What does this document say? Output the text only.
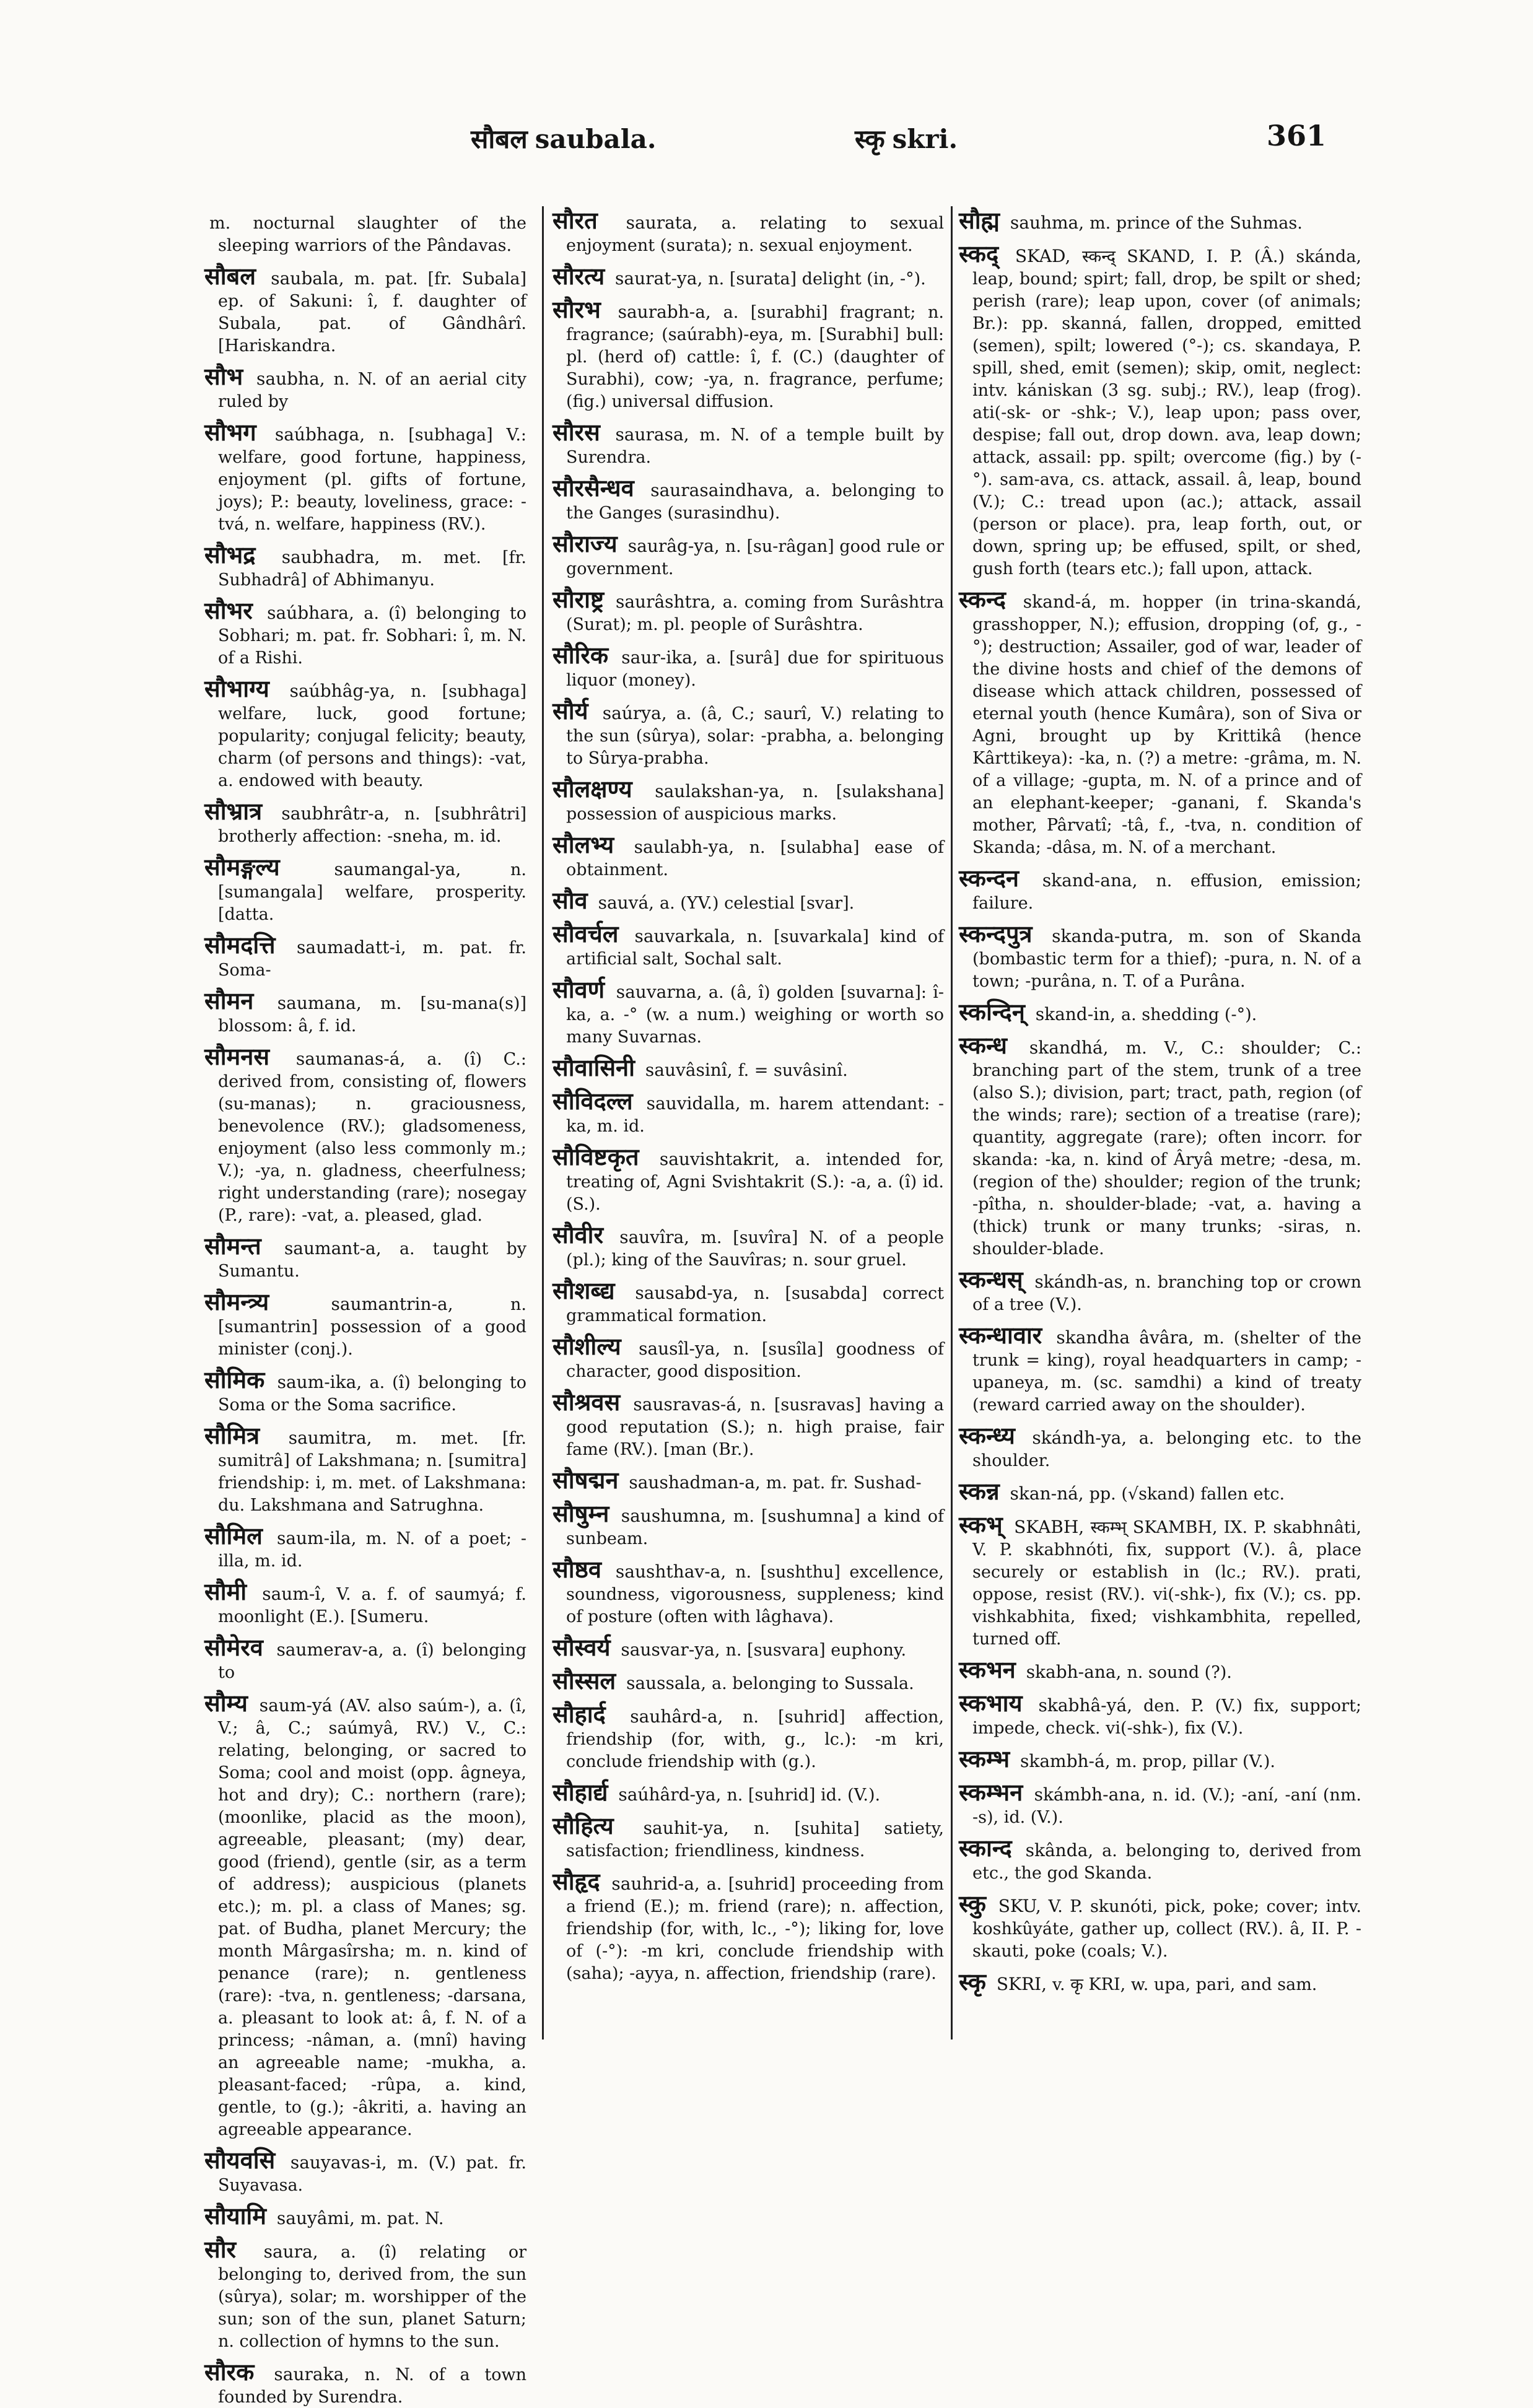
सौबल saubala.	स्कृ skri.	361

m. nocturnal slaughter of the sleeping warriors of the Pândavas.

सौबल saubala, m. pat. [fr. Subala] ep. of Sakuni: î, f. daughter of Subala, pat. of Gândhârî. [Hariskandra.

सौभ saubha, n. N. of an aerial city ruled by

सौभग saúbhaga, n. [subhaga] V.: welfare, good fortune, happiness, enjoyment (pl. gifts of fortune, joys); P.: beauty, loveliness, grace: -tvá, n. welfare, happiness (RV.).

सौभद्र saubhadra, m. met. [fr. Subhadrâ] of Abhimanyu.

सौभर saúbhara, a. (î) belonging to Sobhari; m. pat. fr. Sobhari: î, m. N. of a Rishi.

सौभाग्य saúbhâg-ya, n. [subhaga] welfare, luck, good fortune; popularity; conjugal felicity; beauty, charm (of persons and things): -vat, a. endowed with beauty.

सौभ्रात्र saubhrâtr-a, n. [subhrâtri] brotherly affection: -sneha, m. id.

सौमङ्गल्य	saumangal-ya,	n. [sumangala] welfare, prosperity. [datta.

सौमदत्ति saumadatt-i, m. pat. fr. Soma-

सौमन saumana, m. [su-mana(s)] blossom: â, f. id.

सौमनस saumanas-á, a. (î) C.: derived from, consisting of, flowers (su-manas); n. graciousness, benevolence (RV.); gladsomeness, enjoyment (also less commonly m.; V.); -ya, n. gladness, cheerfulness; right understanding (rare); nosegay (P., rare): -vat, a. pleased, glad.

सौमन्त saumant-a, a. taught by Sumantu.

सौमन्त्र्य	saumantrin-a,	n. [sumantrin] possession of a good minister (conj.).

सौमिक saum-ika, a. (î) belonging to Soma or the Soma sacrifice.

सौमित्र saumitra, m. met. [fr. sumitrâ] of Lakshmana; n. [sumitra] friendship: i, m. met. of Lakshmana: du. Lakshmana and Satrughna.

सौमिल saum-ila, m. N. of a poet; -illa, m. id.

सौमी saum-î, V. a. f. of saumyá; f. moonlight (E.). [Sumeru.

सौमेरव saumerav-a, a. (î) belonging to

सौम्य saum-yá (AV. also saúm-), a. (î, V.; â, C.; saúmyâ, RV.) V., C.: relating, belonging, or sacred to Soma; cool and moist (opp. âgneya, hot and dry); C.: northern (rare); (moonlike, placid as the moon), agreeable, pleasant; (my) dear, good (friend), gentle (sir, as a term of address); auspicious (planets etc.); m. pl. a class of Manes; sg. pat. of Budha, planet Mercury; the month Mârgasîrsha; m. n. kind of penance (rare); n. gentleness (rare): -tva, n. gentleness; -darsana, a. pleasant to look at: â, f. N. of a princess; -nâman, a. (mnî) having an agreeable name; -mukha, a. pleasant-faced; -rûpa, a. kind, gentle, to (g.); -âkriti, a. having an agreeable appearance.

सौयवसि sauyavas-i, m. (V.) pat. fr. Suyavasa.

सौयामि sauyâmi, m. pat. N.

सौर saura, a. (î) relating or belonging to, derived from, the sun (sûrya), solar; m. worshipper of the sun; son of the sun, planet Saturn; n. collection of hymns to the sun.

सौरक sauraka, n. N. of a town founded by Surendra.

सौरत saurata, a. relating to sexual enjoyment (surata); n. sexual enjoyment.

सौरत्य saurat-ya, n. [surata] delight (in, -°).

सौरभ saurabh-a, a. [surabhi] fragrant; n. fragrance; (saúrabh)-eya, m. [Surabhi] bull: pl. (herd of) cattle: î, f. (C.) (daughter of Surabhi), cow; -ya, n. fragrance, perfume; (fig.) universal diffusion.

सौरस saurasa, m. N. of a temple built by Surendra.

सौरसैन्धव saurasaindhava, a. belonging to the Ganges (surasindhu).

सौराज्य saurâg-ya, n. [su-râgan] good rule or government.

सौराष्ट्र saurâshtra, a. coming from Surâshtra (Surat); m. pl. people of Surâshtra.

सौरिक saur-ika, a. [surâ] due for spirituous liquor (money).

सौर्य saúrya, a. (â, C.; saurî, V.) relating to the sun (sûrya), solar: -prabha, a. belonging to Sûrya-prabha.

सौलक्षण्य saulakshan-ya, n. [sulakshana] possession of auspicious marks.

सौलभ्य saulabh-ya, n. [sulabha] ease of obtainment.

सौव sauvá, a. (YV.) celestial [svar].

सौवर्चल sauvarkala, n. [suvarkala] kind of artificial salt, Sochal salt.

सौवर्ण sauvarna, a. (â, î) golden [suvarna]: î-ka, a. -° (w. a num.) weighing or worth so many Suvarnas.

सौवासिनी sauvâsinî, f. = suvâsinî.

सौविदल्ल sauvidalla, m. harem attendant: -ka, m. id.

सौविष्टकृत sauvishtakrit, a. intended for, treating of, Agni Svishtakrit (S.): -a, a. (î) id. (S.).

सौवीर sauvîra, m. [suvîra] N. of a people (pl.); king of the Sauvîras; n. sour gruel.

सौशब्द्य sausabd-ya, n. [susabda] correct grammatical formation.

सौशील्य sausîl-ya, n. [susîla] goodness of character, good disposition.

सौश्रवस sausravas-á, n. [susravas] having a good reputation (S.); n. high praise, fair fame (RV.). [man (Br.).

सौषद्मन saushadman-a, m. pat. fr. Sushad-

सौषुम्न saushumna, m. [sushumna] a kind of sunbeam.

सौष्ठव saushthav-a, n. [sushthu] excellence, soundness, vigorousness, suppleness; kind of posture (often with lâghava).

सौस्वर्य sausvar-ya, n. [susvara] euphony.

सौस्सल saussala, a. belonging to Sussala.

सौहार्द sauhârd-a, n. [suhrid] affection, friendship (for, with, g., lc.): -m kri, conclude friendship with (g.).

सौहार्द्य saúhârd-ya, n. [suhrid] id. (V.).

सौहित्य sauhit-ya, n. [suhita] satiety, satisfaction; friendliness, kindness.

सौहृद sauhrid-a, a. [suhrid] proceeding from a friend (E.); m. friend (rare); n. affection, friendship (for, with, lc., -°); liking for, love of (-°): -m kri, conclude friendship with (saha); -ayya, n. affection, friendship (rare).

सौह्म sauhma, m. prince of the Suhmas.

स्कद् SKAD, स्कन्द् SKAND, I. P. (Â.) skánda, leap, bound; spirt; fall, drop, be spilt or shed; perish (rare); leap upon, cover (of animals; Br.): pp. skanná, fallen, dropped, emitted (semen), spilt; lowered (°-); cs. skandaya, P. spill, shed, emit (semen); skip, omit, neglect: intv. kániskan (3 sg. subj.; RV.), leap (frog). ati(-sk- or -shk-; V.), leap upon; pass over, despise; fall out, drop down. ava, leap down; attack, assail: pp. spilt; overcome (fig.) by (-°). sam-ava, cs. attack, assail. â, leap, bound (V.); C.: tread upon (ac.); attack, assail (person or place). pra, leap forth, out, or down, spring up; be effused, spilt, or shed, gush forth (tears etc.); fall upon, attack.

स्कन्द skand-á, m. hopper (in trina-skandá, grasshopper, N.); effusion, dropping (of, g., -°); destruction; Assailer, god of war, leader of the divine hosts and chief of the demons of disease which attack children, possessed of eternal youth (hence Kumâra), son of Siva or Agni, brought up by Krittikâ (hence Kârttikeya): -ka, n. (?) a metre: -grâma, m. N. of a village; -gupta, m. N. of a prince and of an elephant-keeper; -ganani, f. Skanda's mother, Pârvatî; -tâ, f., -tva, n. condition of Skanda; -dâsa, m. N. of a merchant.

स्कन्दन skand-ana, n. effusion, emission; failure.

स्कन्दपुत्र skanda-putra, m. son of Skanda (bombastic term for a thief); -pura, n. N. of a town; -purâna, n. T. of a Purâna.

स्कन्दिन् skand-in, a. shedding (-°).

स्कन्ध skandhá, m. V., C.: shoulder; C.: branching part of the stem, trunk of a tree (also S.); division, part; tract, path, region (of the winds; rare); section of a treatise (rare); quantity, aggregate (rare); often incorr. for skanda: -ka, n. kind of Âryâ metre; -desa, m. (region of the) shoulder; region of the trunk; -pîtha, n. shoulder-blade; -vat, a. having a (thick) trunk or many trunks; -siras, n. shoulder-blade.

स्कन्धस् skándh-as, n. branching top or crown of a tree (V.).

स्कन्धावार skandha âvâra, m. (shelter of the trunk = king), royal headquarters in camp; -upaneya, m. (sc. samdhi) a kind of treaty (reward carried away on the shoulder).

स्कन्ध्य skándh-ya, a. belonging etc. to the shoulder.

स्कन्न skan-ná, pp. (√skand) fallen etc.

स्कभ् SKABH, स्कम्भ् SKAMBH, IX. P. skabhnâti, V. P. skabhnóti, fix, support (V.). â, place securely or establish in (lc.; RV.). prati, oppose, resist (RV.). vi(-shk-), fix (V.); cs. pp. vishkabhita, fixed; vishkambhita, repelled, turned off.

स्कभन skabh-ana, n. sound (?).

स्कभाय skabhâ-yá, den. P. (V.) fix, support; impede, check. vi(-shk-), fix (V.).

स्कम्भ skambh-á, m. prop, pillar (V.).

स्कम्भन skámbh-ana, n. id. (V.); -aní, -aní (nm. -s), id. (V.).

स्कान्द skânda, a. belonging to, derived from etc., the god Skanda.

स्कु SKU, V. P. skunóti, pick, poke; cover; intv. koshkûyáte, gather up, collect (RV.). â, II. P. -skauti, poke (coals; V.).

स्कृ SKRI, v. कृ KRI, w. upa, pari, and sam.
